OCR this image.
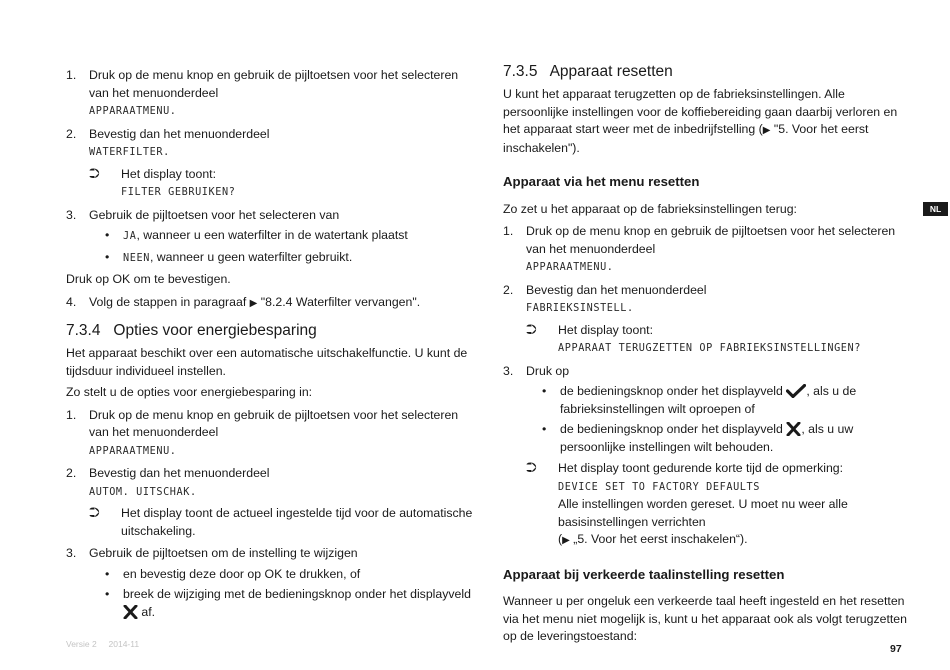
1. Druk op de menu knop en gebruik de pijltoetsen voor het selecteren van het menuonderdeel
APPARAATMENU.
2. Bevestig dan het menuonderdeel
WATERFILTER.
⮊ Het display toont:
FILTER GEBRUIKEN?
3. Gebruik de pijltoetsen voor het selecteren van
• JA, wanneer u een waterfilter in de watertank plaatst
• NEEN, wanneer u geen waterfilter gebruikt.
Druk op OK om te bevestigen.
4. Volg de stappen in paragraaf ▶ "8.2.4 Waterfilter vervangen".
7.3.4 Opties voor energiebesparing
Het apparaat beschikt over een automatische uitschakelfunctie. U kunt de tijdsduur individueel instellen.
Zo stelt u de opties voor energiebesparing in:
1. Druk op de menu knop en gebruik de pijltoetsen voor het selecteren van het menuonderdeel
APPARAATMENU.
2. Bevestig dan het menuonderdeel
AUTOM. UITSCHAK.
⮊ Het display toont de actueel ingestelde tijd voor de automatische uitschakeling.
3. Gebruik de pijltoetsen om de instelling te wijzigen
• en bevestig deze door op OK te drukken, of
• breek de wijziging met de bedieningsknop onder het displayveld
af.
7.3.5 Apparaat resetten
U kunt het apparaat terugzetten op de fabrieksinstellingen. Alle persoonlijke instellingen voor de koffiebereiding gaan daarbij verloren en het apparaat start weer met de inbedrijfstelling (▶ "5. Voor het eerst inschakelen").
Apparaat via het menu resetten
Zo zet u het apparaat op de fabrieksinstellingen terug:
1. Druk op de menu knop en gebruik de pijltoetsen voor het selecteren van het menuonderdeel
APPARAATMENU.
2. Bevestig dan het menuonderdeel
FABRIEKSINSTELL.
⮊ Het display toont:
APPARAAT TERUGZETTEN OP FABRIEKSINSTELLINGEN?
3. Druk op
• de bedieningsknop onder het displayveld , als u de fabrieksinstellingen wilt oproepen of
• de bedieningsknop onder het displayveld , als u uw persoonlijke instellingen wilt behouden.
⮊ Het display toont gedurende korte tijd de opmerking:
DEVICE SET TO FACTORY DEFAULTS
Alle instellingen worden gereset. U moet nu weer alle basisinstellingen verrichten
(▶ „5. Voor het eerst inschakelen“).
Apparaat bij verkeerde taalinstelling resetten
Wanneer u per ongeluk een verkeerde taal heeft ingesteld en het resetten via het menu niet mogelijk is, kunt u het apparaat ook als volgt terugzetten op de leveringstoestand:
NL
Versie 2     2014-11	97
